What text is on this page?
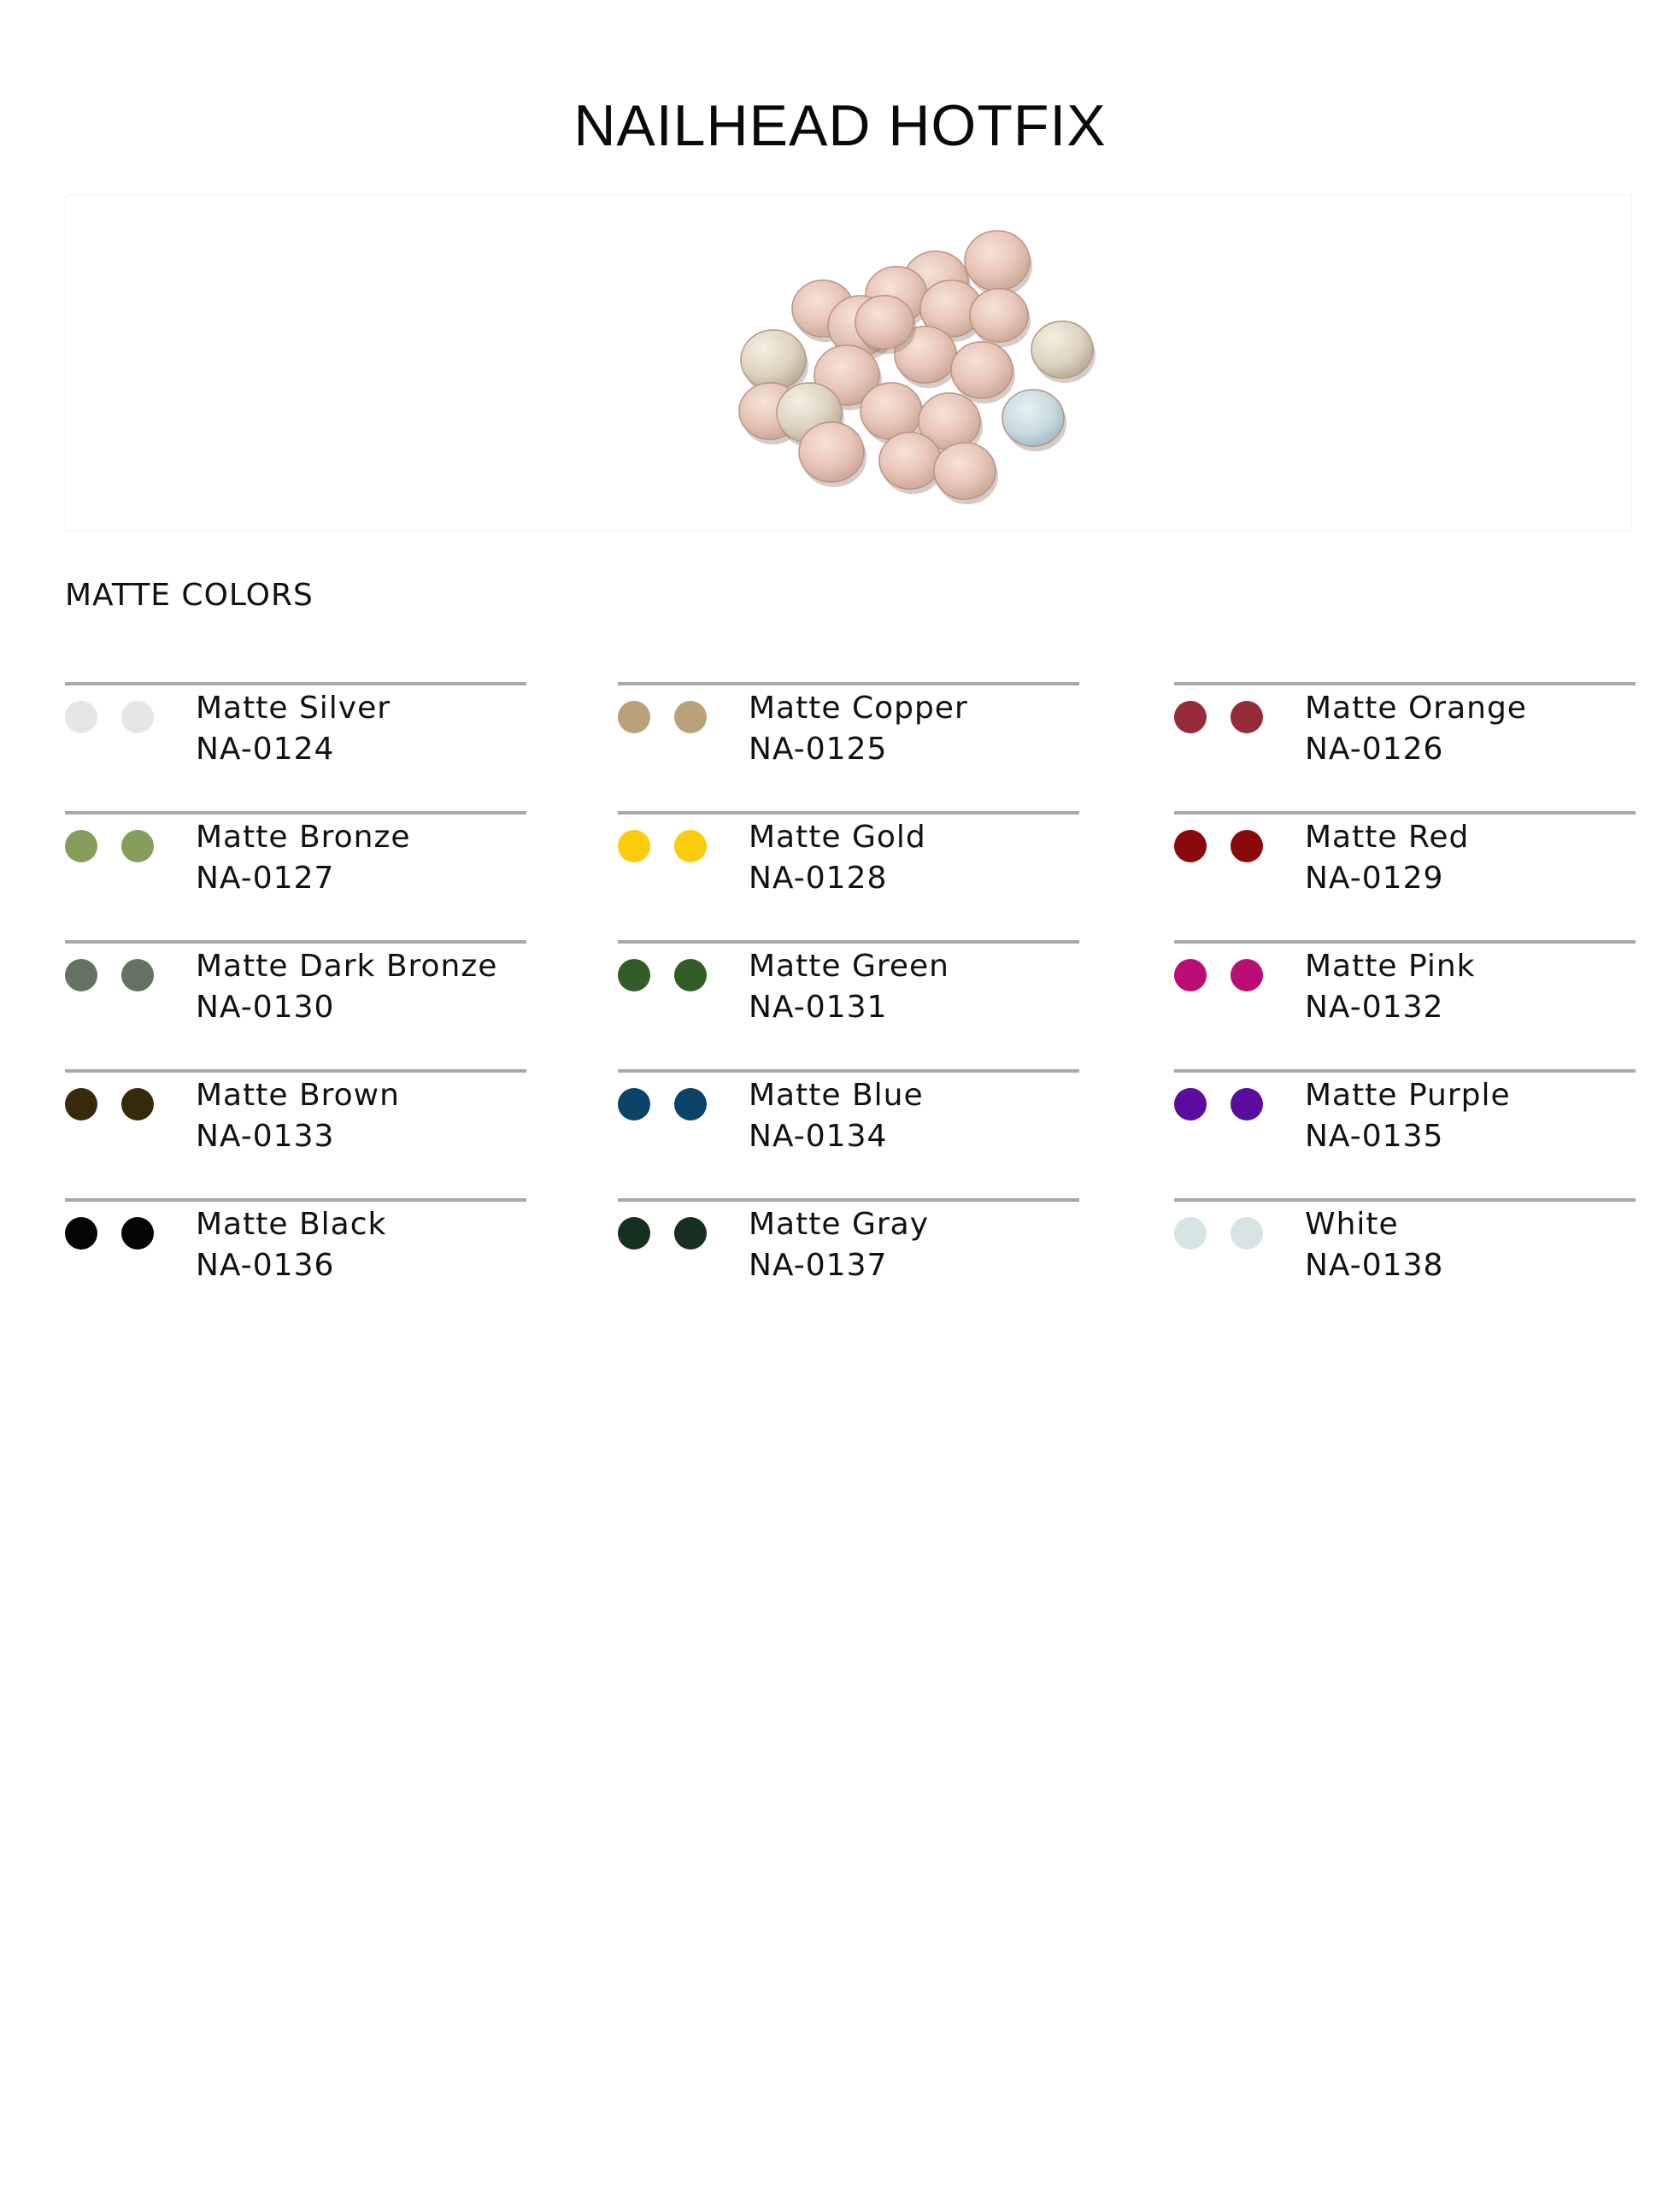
NAILHEAD HOTFIX
MATTE COLORS
Matte Silver
NA-0124
Matte Copper
NA-0125
Matte Orange
NA-0126
Matte Bronze
NA-0127
Matte Gold
NA-0128
Matte Red
NA-0129
Matte Dark Bronze
NA-0130
Matte Green
NA-0131
Matte Pink
NA-0132
Matte Brown
NA-0133
Matte Blue
NA-0134
Matte Purple
NA-0135
Matte Black
NA-0136
Matte Gray
NA-0137
White
NA-0138
